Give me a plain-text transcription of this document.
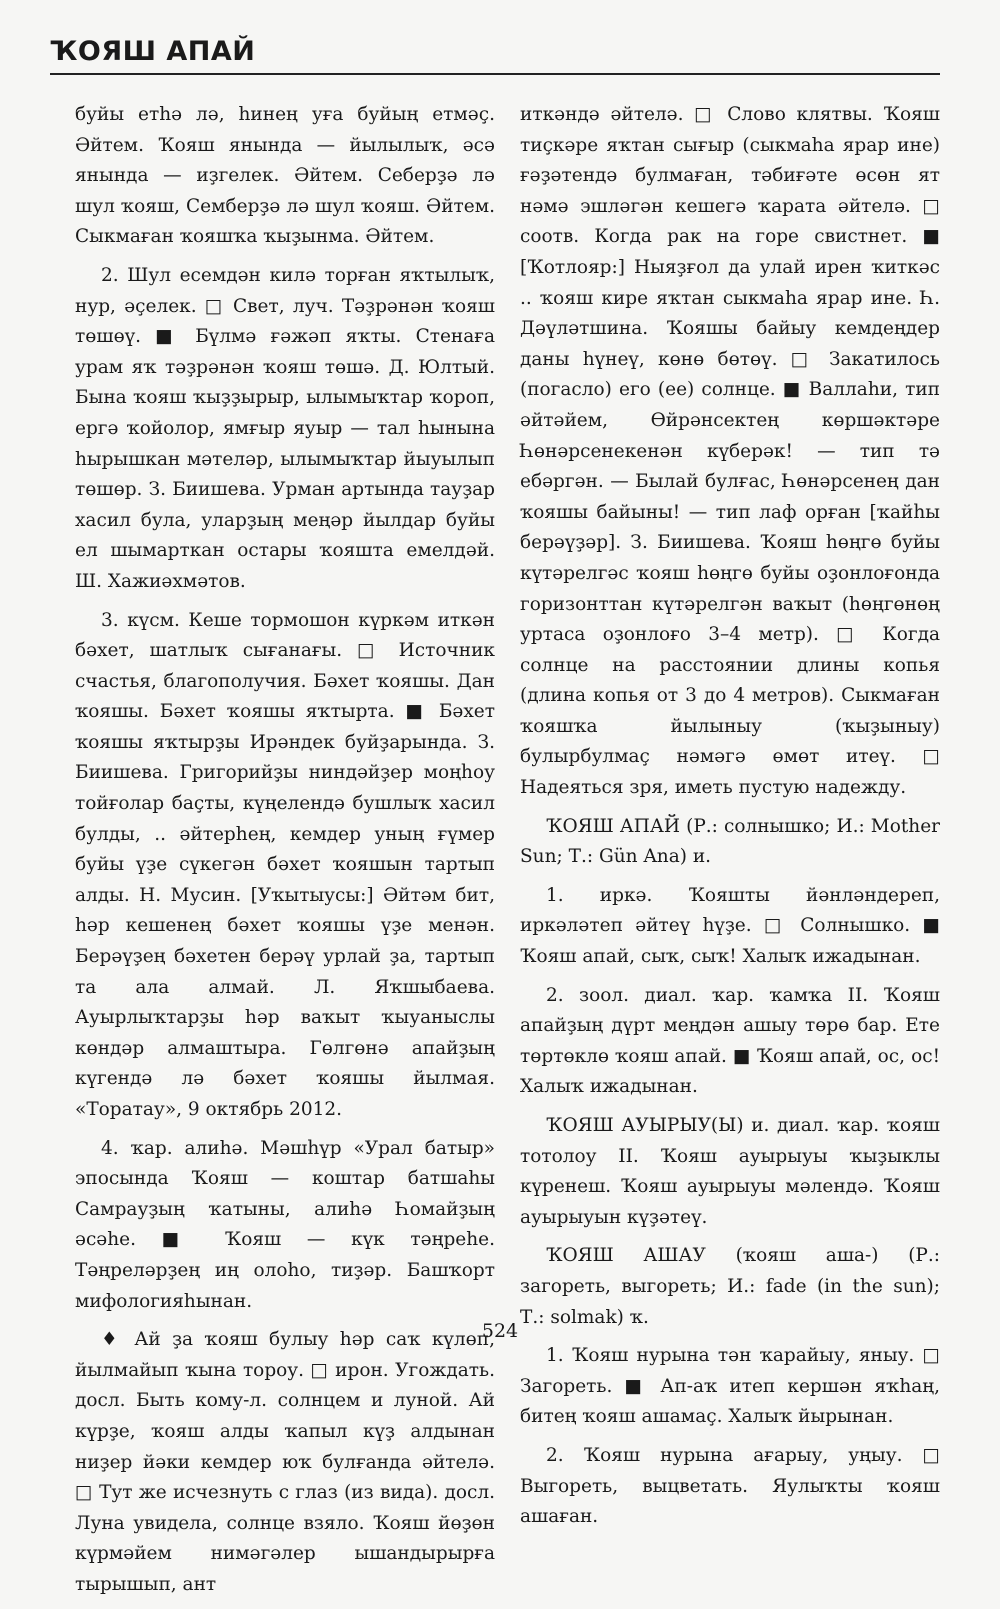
ҠОЯШ АПАЙ

буйы етhә лә, hинең уға буйың етмәҫ. Әйтем. Ҡояш янында — йылылыҡ, әсә янында — иҙгелек. Әйтем. Себерҙә лә шул ҡояш, Семберҙә лә шул ҡояш. Әйтем. Сыкмаған ҡояшҡа ҡыҙынма. Әйтем.

2. Шул есемдән килә торған яҡтылыҡ, нур, әҫелек. □ Свет, луч. Тәҙрәнән ҡояш төшөү. ■ Бүлмә ғәжәп яҡты. Стенаға урам яҡ тәҙрәнән ҡояш төшә. Д. Юлтый. Бына ҡояш ҡыҙҙырыр, ылымыҡтар ҡороп, ергә ҡойолор, ямғыр яуыр — тал hынына hырышкан мәтеләр, ылымыҡтар йыуылып төшөр. З. Биишева. Урман артында тауҙар хасил була, уларҙың меңәр йылдар буйы ел шымарткан остары ҡояшта емелдәй. Ш. Хажиәхмәтов.

3. күсм. Кеше тормошон күркәм иткән бәхет, шатлыҡ сығанағы. □ Источник счастья, благополучия. Бәхет ҡояшы. Дан ҡояшы. Бәхет ҡояшы яҡтырта. ■ Бәхет ҡояшы яҡтырҙы Ирәндек буйҙарында. З. Биишева. Григорийҙы ниндәйҙер моңһоу тойғолар баҫты, күңелендә бушлыҡ хасил булды, .. әйтерhең, кемдер уның ғүмер буйы үҙе сүкегән бәхет ҡояшын тартып алды. Н. Мусин. [Уҡытыусы:] Әйтәм бит, hәр кешенең бәхет ҡояшы үҙе менән. Берәүҙең бәхетен берәү урлай ҙа, тартып та ала алмай. Л. Яҡшыбаева. Ауырлыҡтарҙы hәр ваҡыт ҡыуаныслы көндәр алмаштыра. Гөлгөнә апайҙың күгендә лә бәхет ҡояшы йылмая. «Торатау», 9 октябрь 2012.

4. ҡар. алиhә. Мәшһүр «Урал батыр» эпосында Ҡояш — коштар батшаhы Самрауҙың ҡатыны, алиhә Һомайҙың әсәhе. ■ Ҡояш — күк тәңреhе. Тәңреләрҙең иң олоhо, тиҙәр. Башҡорт мифологияhынан.

♦ Ай ҙа ҡояш булыу hәр саҡ күлөп, йылмайып ҡына тороу. □ ирон. Угождать. досл. Быть кому-л. солнцем и луной. Ай күрҙе, ҡояш алды ҡапыл күҙ алдынан ниҙер йәки кемдер юҡ булғанда әйтелә. □ Тут же исчезнуть с глаз (из вида). досл. Луна увидела, солнце взяло. Ҡояш йөҙөн күрмәйем нимәгәлер ышандырырға тырышып, ант

иткәндә әйтелә. □ Слово клятвы. Ҡояш тиҫкәре яҡтан сығыр (сыкмаhа ярар ине) ғәҙәтендә булмаған, тәбиғәте өсөн ят нәмә эшләгән кешегә ҡарата әйтелә. □ соотв. Когда рак на горе свистнет. ■ [Ҡотлояр:] Ныяҙғол да улай ирен ҡиткәс .. ҡояш кире яҡтан сыкмаhа ярар ине. Һ. Дәүләтшина. Ҡояшы байыу кемдеңдер даны hүнеү, көнө бөтөү. □ Закатилось (погасло) его (ее) солнце. ■ Валлаhи, тип әйтәйем, Өйрәнсектең көршәктәре Һөнәрсенекенән күберәк! — тип тә ебәргән. — Былай булғас, Һөнәрсенең дан ҡояшы байыны! — тип лаф орған [ҡайһы берәүҙәр]. З. Биишева. Ҡояш hөңгө буйы күтәрелгәс ҡояш hөңгө буйы оҙонлоғонда горизонттан күтәрелгән ваҡыт (hөңгөнөң уртаса оҙонлоғо 3–4 метр). □ Когда солнце на расстоянии длины копья (длина копья от 3 до 4 метров). Сыкмаған ҡояшҡа йылыныу (ҡыҙыныу) булырбулмаҫ нәмәгә өмөт итеү. □ Надеяться зря, иметь пустую надежду.

ҠОЯШ АПАЙ (Р.: солнышко; И.: Mother Sun; Т.: Gün Ana) и.

1. иркә. Ҡояшты йәнләндереп, иркәләтеп әйтеү hүҙе. □ Солнышко. ■ Ҡояш апай, сыҡ, сыҡ! Халыҡ ижадынан.

2. зоол. диал. ҡар. ҡамҡа II. Ҡояш апайҙың дүрт меңдән ашыу төрө бар. Ете төртөклө ҡояш апай. ■ Ҡояш апай, ос, ос! Халыҡ ижадынан.

ҠОЯШ АУЫРЫУ(Ы) и. диал. ҡар. ҡояш тотолоу II. Ҡояш ауырыуы ҡыҙыклы күренеш. Ҡояш ауырыуы мәлендә. Ҡояш ауырыуын күҙәтеү.

ҠОЯШ АШАУ (ҡояш аша-) (Р.: загореть, выгореть; И.: fade (in the sun); Т.: solmak) ҡ.

1. Ҡояш нурына тән ҡарайыу, яныу. □ Загореть. ■ Ап-аҡ итеп кершән яҡhаң, битең ҡояш ашамаҫ. Халыҡ йырынан.

2. Ҡояш нурына ағарыу, уңыу. □ Выгореть, выцветать. Яулыҡты ҡояш ашаған.

524
